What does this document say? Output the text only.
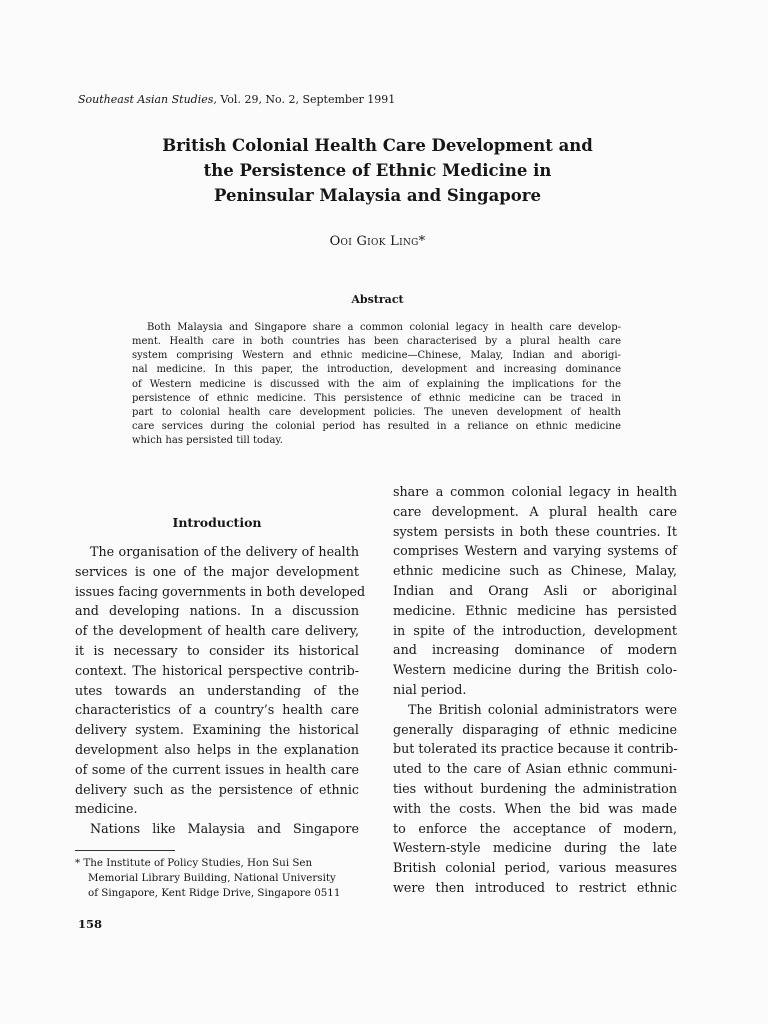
Southeast Asian Studies, Vol. 29, No. 2, September 1991
British Colonial Health Care Development and
the Persistence of Ethnic Medicine in
Peninsular Malaysia and Singapore
Ooi Giok Ling*
Abstract
Both Malaysia and Singapore share a common colonial legacy in health care develop-
ment. Health care in both countries has been characterised by a plural health care
system comprising Western and ethnic medicine—Chinese, Malay, Indian and aborigi-
nal medicine. In this paper, the introduction, development and increasing dominance
of Western medicine is discussed with the aim of explaining the implications for the
persistence of ethnic medicine. This persistence of ethnic medicine can be traced in
part to colonial health care development policies. The uneven development of health
care services during the colonial period has resulted in a reliance on ethnic medicine
which has persisted till today.
Introduction
The organisation of the delivery of health
services is one of the major development
issues facing governments in both developed
and developing nations. In a discussion
of the development of health care delivery,
it is necessary to consider its historical
context. The historical perspective contrib-
utes towards an understanding of the
characteristics of a country’s health care
delivery system. Examining the historical
development also helps in the explanation
of some of the current issues in health care
delivery such as the persistence of ethnic
medicine.
Nations like Malaysia and Singapore
share a common colonial legacy in health
care development. A plural health care
system persists in both these countries. It
comprises Western and varying systems of
ethnic medicine such as Chinese, Malay,
Indian and Orang Asli or aboriginal
medicine. Ethnic medicine has persisted
in spite of the introduction, development
and increasing dominance of modern
Western medicine during the British colo-
nial period.
The British colonial administrators were
generally disparaging of ethnic medicine
but tolerated its practice because it contrib-
uted to the care of Asian ethnic communi-
ties without burdening the administration
with the costs. When the bid was made
to enforce the acceptance of modern,
Western-style medicine during the late
British colonial period, various measures
were then introduced to restrict ethnic
* The Institute of Policy Studies, Hon Sui Sen
Memorial Library Building, National University
of Singapore, Kent Ridge Drive, Singapore 0511
158
